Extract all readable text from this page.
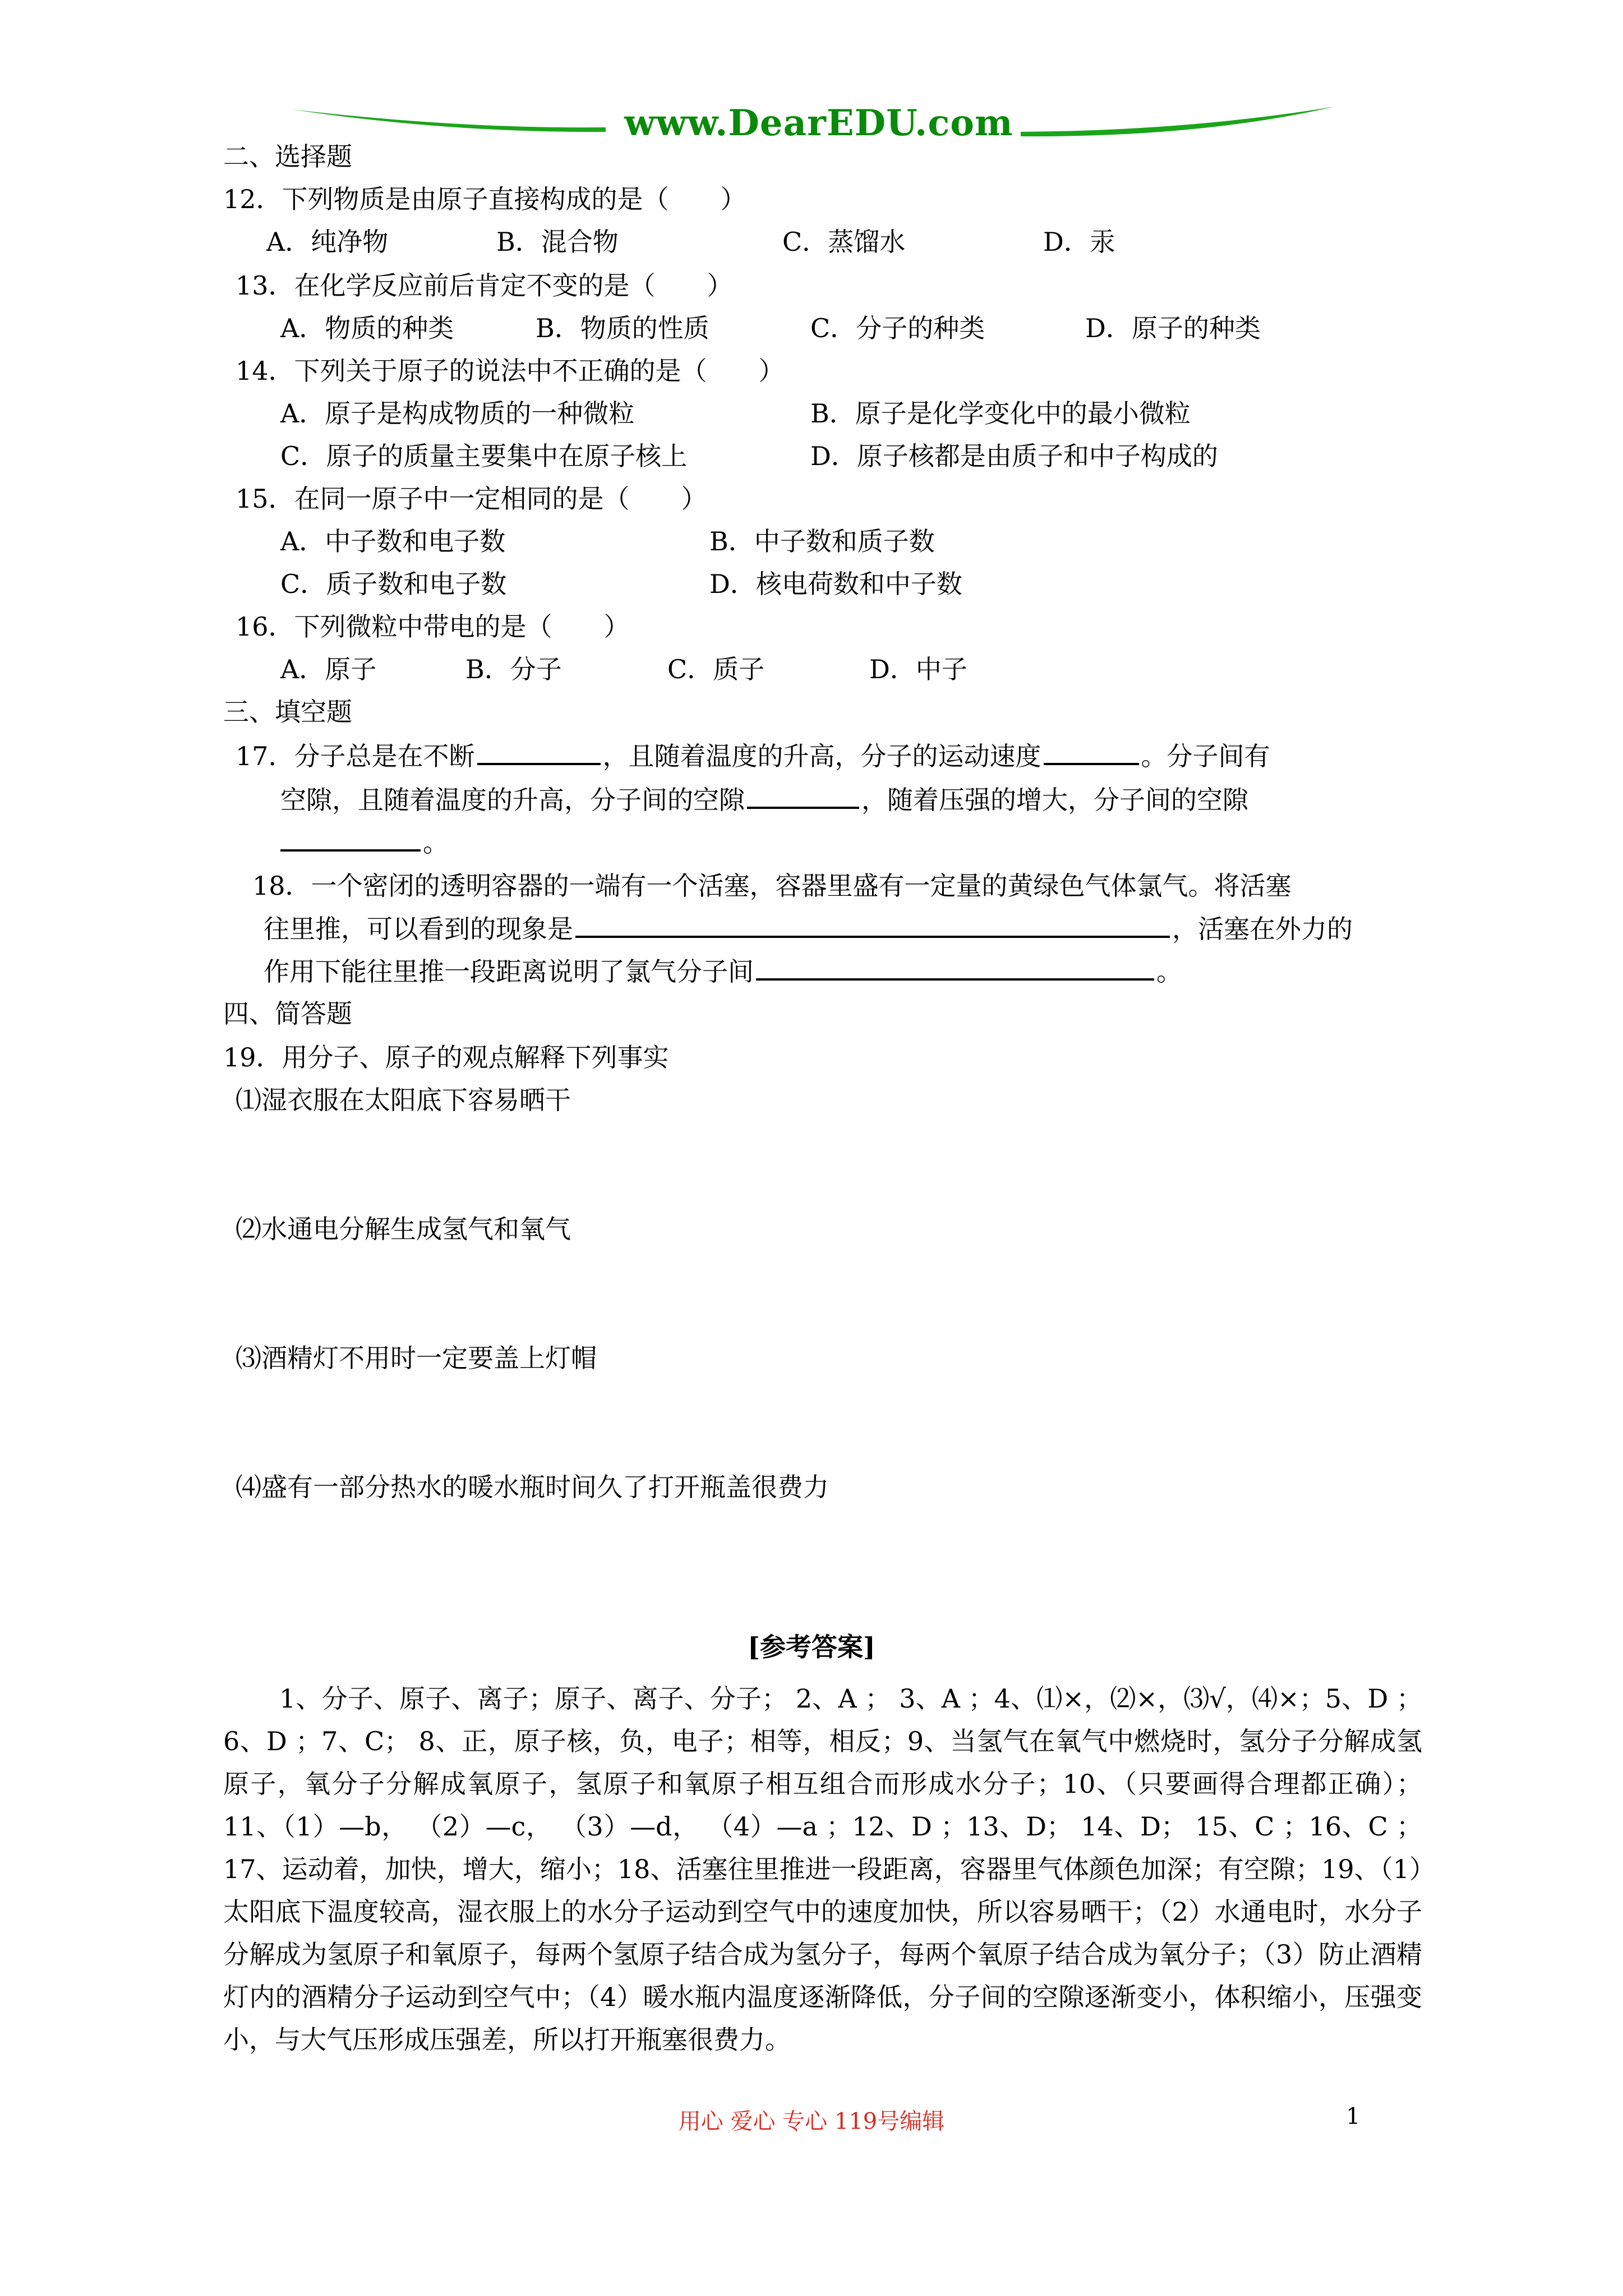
www.DearEDU.com
二、选择题
12．下列物质是由原子直接构成的是（　　）
A．纯净物	B．混合物	C．蒸馏水	D．汞
13．在化学反应前后肯定不变的是（　　）
A．物质的种类	B．物质的性质	C．分子的种类	D．原子的种类
14．下列关于原子的说法中不正确的是（　　）
A．原子是构成物质的一种微粒	B．原子是化学变化中的最小微粒
C．原子的质量主要集中在原子核上	D．原子核都是由质子和中子构成的
15．在同一原子中一定相同的是（　　）
A．中子数和电子数	B．中子数和质子数
C．质子数和电子数	D．核电荷数和中子数
16．下列微粒中带电的是（　　）
A．原子	B．分子	C．质子	D．中子
三、填空题
17．分子总是在不断	，且随着温度的升高，分子的运动速度	。分子间有
空隙，且随着温度的升高，分子间的空隙	，随着压强的增大，分子间的空隙
。
18．一个密闭的透明容器的一端有一个活塞，容器里盛有一定量的黄绿色气体氯气。将活塞
往里推，可以看到的现象是	，活塞在外力的
作用下能往里推一段距离说明了氯气分子间	。
四、简答题
19．用分子、原子的观点解释下列事实
⑴湿衣服在太阳底下容易晒干
⑵水通电分解生成氢气和氧气
⑶酒精灯不用时一定要盖上灯帽
⑷盛有一部分热水的暖水瓶时间久了打开瓶盖很费力
[参考答案]
1、分子、原子、离子；原子、离子、分子； 2、A ； 3、A ；4、⑴×，⑵×，⑶√，⑷×；5、D ；6、D ；7、C； 8、正，原子核，负，电子；相等，相反；9、当氢气在氧气中燃烧时，氢分子分解成氢原子，氧分子分解成氧原子，氢原子和氧原子相互组合而形成水分子；10、（只要画得合理都正确）；11、（1）—b， （2）—c， （3）—d， （4）—a ；12、D ；13、D； 14、D； 15、C ；16、C ；17、运动着，加快，增大，缩小；18、活塞往里推进一段距离，容器里气体颜色加深；有空隙；19、（1）太阳底下温度较高，湿衣服上的水分子运动到空气中的速度加快，所以容易晒干；（2）水通电时，水分子分解成为氢原子和氧原子，每两个氢原子结合成为氢分子，每两个氧原子结合成为氧分子；（3）防止酒精灯内的酒精分子运动到空气中；（4）暖水瓶内温度逐渐降低，分子间的空隙逐渐变小，体积缩小，压强变小，与大气压形成压强差，所以打开瓶塞很费力。
用心 爱心 专心 119号编辑	1
